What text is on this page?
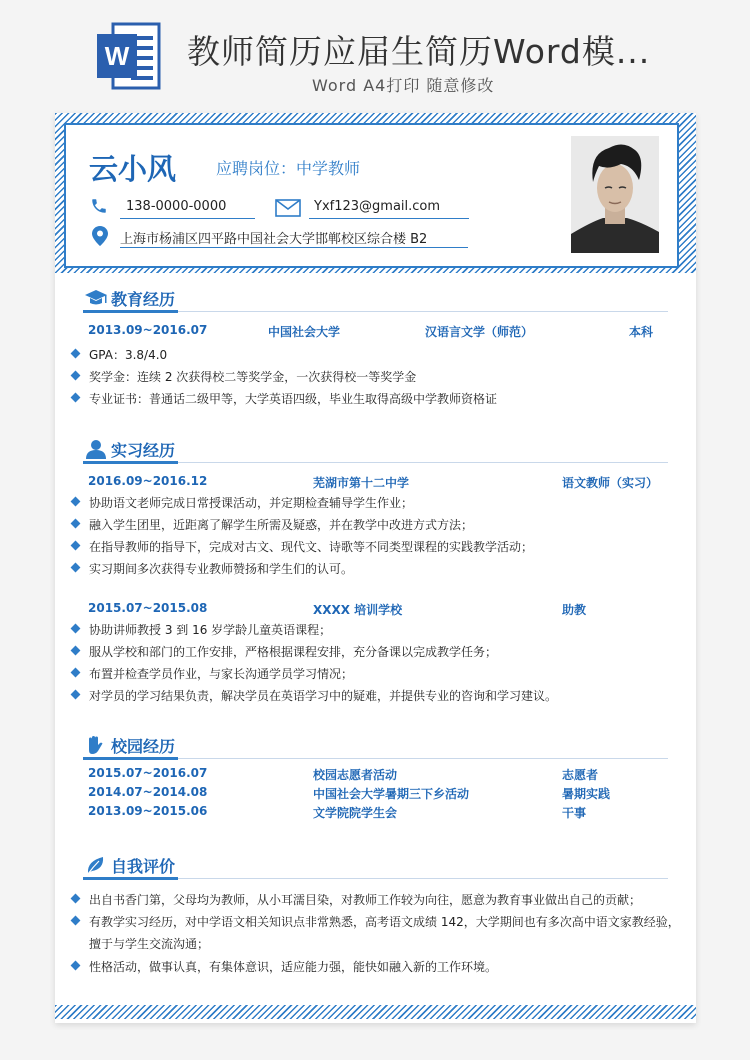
W 教师简历应届生简历Word模...
Word A4打印 随意修改
云小风 应聘岗位：中学教师
138-0000-0000	Yxf123@gmail.com
上海市杨浦区四平路中国社会大学邯郸校区综合楼 B2
教育经历
2013.09~2016.07	中国社会大学	汉语言文学（师范）	本科
GPA：3.8/4.0
奖学金：连续 2 次获得校二等奖学金，一次获得校一等奖学金
专业证书：普通话二级甲等，大学英语四级，毕业生取得高级中学教师资格证
实习经历
2016.09~2016.12	芜湖市第十二中学	语文教师（实习）
协助语文老师完成日常授课活动，并定期检查辅导学生作业；
融入学生团里，近距离了解学生所需及疑惑，并在教学中改进方式方法；
在指导教师的指导下，完成对古文、现代文、诗歌等不同类型课程的实践教学活动；
实习期间多次获得专业教师赞扬和学生们的认可。
2015.07~2015.08	XXXX 培训学校	助教
协助讲师教授 3 到 16 岁学龄儿童英语课程；
服从学校和部门的工作安排，严格根据课程安排，充分备课以完成教学任务；
布置并检查学员作业，与家长沟通学员学习情况；
对学员的学习结果负责，解决学员在英语学习中的疑难，并提供专业的咨询和学习建议。
校园经历
2015.07~2016.07	校园志愿者活动	志愿者
2014.07~2014.08	中国社会大学暑期三下乡活动	暑期实践
2013.09~2015.06	文学院院学生会	干事
自我评价
出自书香门第，父母均为教师，从小耳濡目染，对教师工作较为向往，愿意为教育事业做出自己的贡献；
有教学实习经历，对中学语文相关知识点非常熟悉，高考语文成绩 142，大学期间也有多次高中语文家教经验，
擅于与学生交流沟通；
性格活动，做事认真，有集体意识，适应能力强，能快如融入新的工作环境。
